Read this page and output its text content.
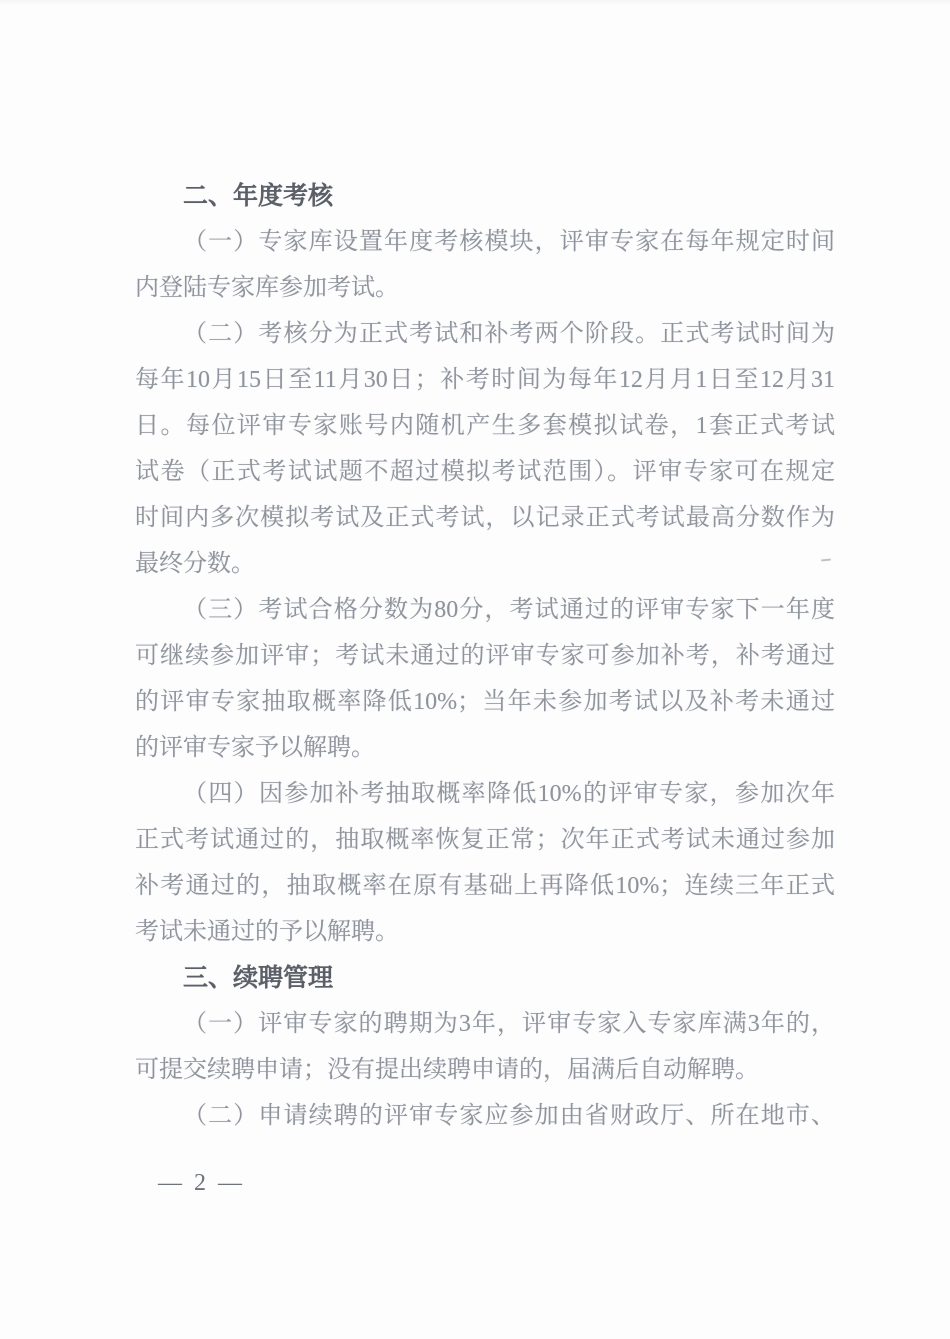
二、年度考核
（一）专家库设置年度考核模块，评审专家在每年规定时间
内登陆专家库参加考试。
（二）考核分为正式考试和补考两个阶段。正式考试时间为
每年10月15日至11月30日；补考时间为每年12月月1日至12月31
日。每位评审专家账号内随机产生多套模拟试卷，1套正式考试
试卷（正式考试试题不超过模拟考试范围）。评审专家可在规定
时间内多次模拟考试及正式考试，以记录正式考试最高分数作为
最终分数。
（三）考试合格分数为80分，考试通过的评审专家下一年度
可继续参加评审；考试未通过的评审专家可参加补考，补考通过
的评审专家抽取概率降低10%；当年未参加考试以及补考未通过
的评审专家予以解聘。
（四）因参加补考抽取概率降低10%的评审专家，参加次年
正式考试通过的，抽取概率恢复正常；次年正式考试未通过参加
补考通过的，抽取概率在原有基础上再降低10%；连续三年正式
考试未通过的予以解聘。
三、续聘管理
（一）评审专家的聘期为3年，评审专家入专家库满3年的，
可提交续聘申请；没有提出续聘申请的，届满后自动解聘。
（二）申请续聘的评审专家应参加由省财政厅、所在地市、
— 2 —
